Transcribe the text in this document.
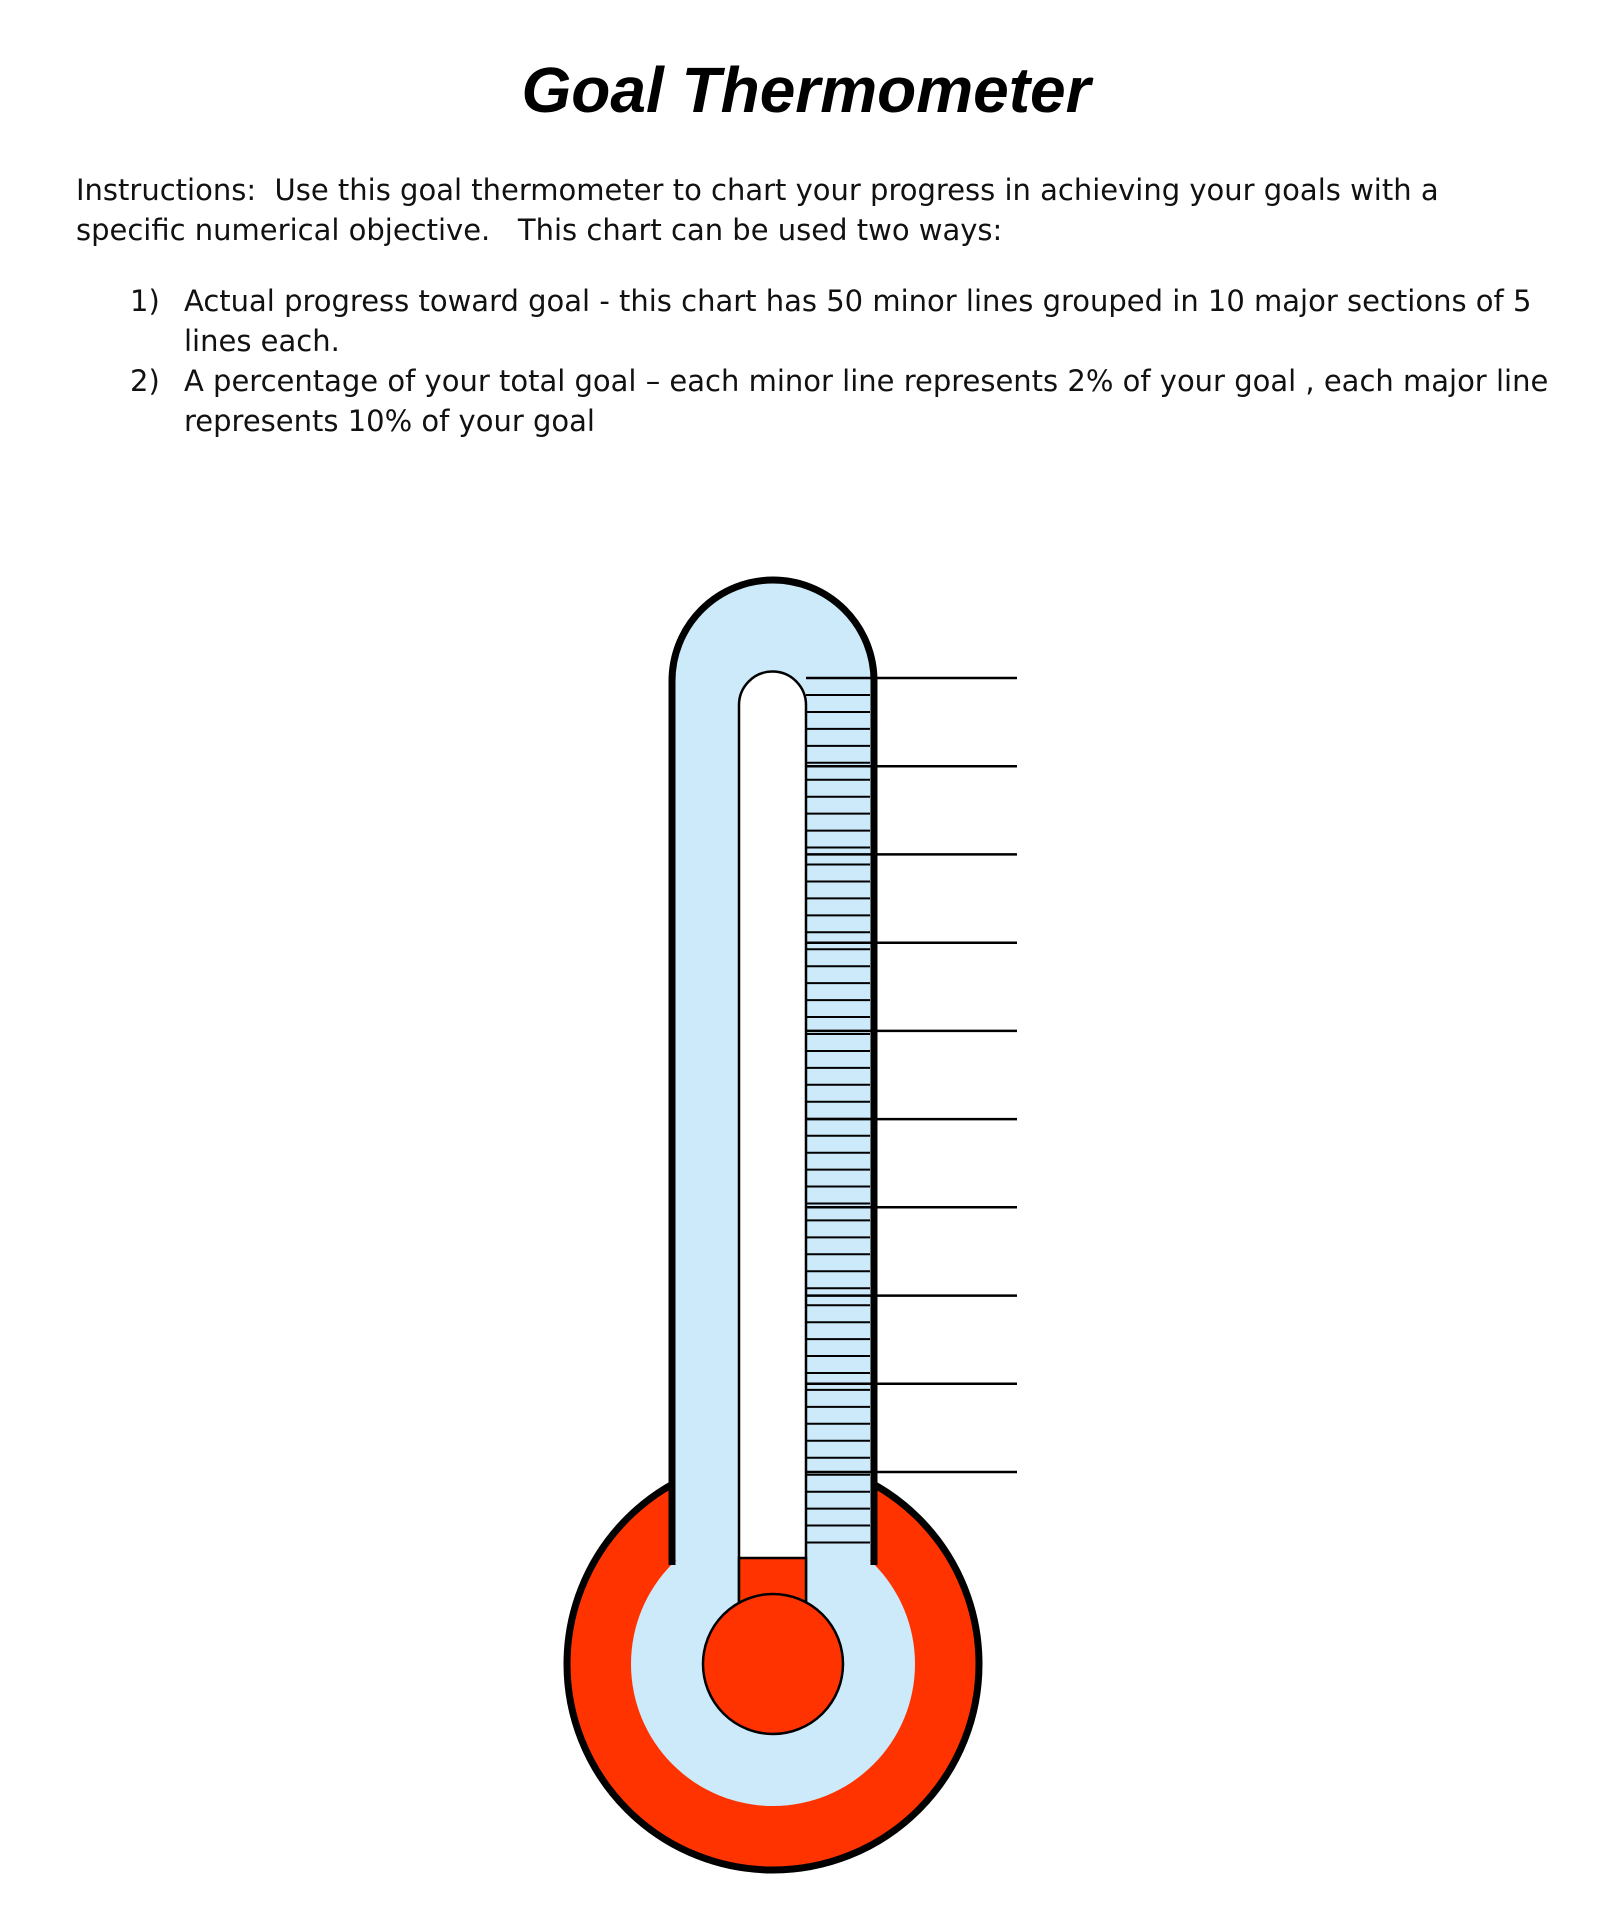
Goal Thermometer

Instructions:  Use this goal thermometer to chart your progress in achieving your goals with a specific numerical objective.   This chart can be used two ways:

1) Actual progress toward goal - this chart has 50 minor lines grouped in 10 major sections of 5 lines each.
2) A percentage of your total goal – each minor line represents 2% of your goal , each major line represents 10% of your goal
